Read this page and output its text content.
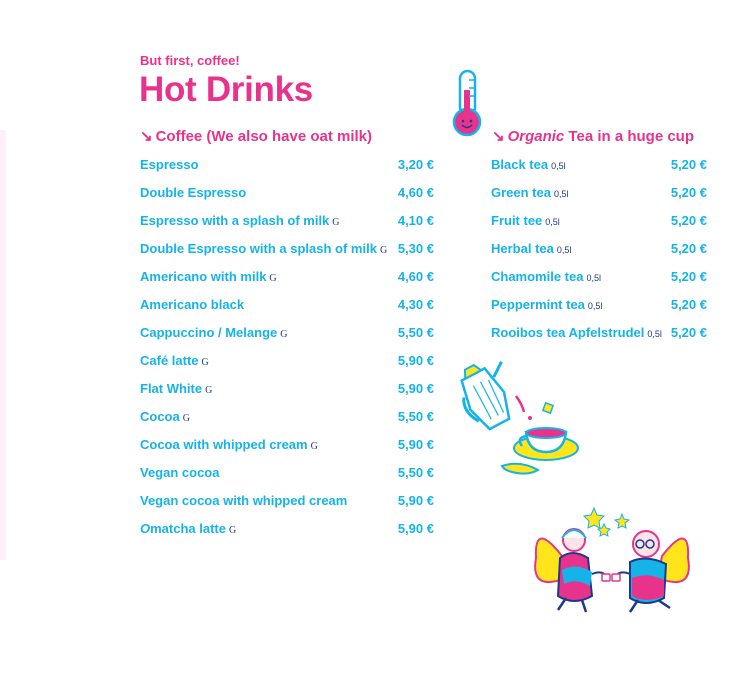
But first, coffee!
Hot Drinks
↘ Coffee (We also have oat milk)
Espresso	3,20 €
Double Espresso	4,60 €
Espresso with a splash of milk G	4,10 €
Double Espresso with a splash of milk G 5,30 €
Americano with milk G	4,60 €
Americano black	4,30 €
Cappuccino / Melange G	5,50 €
Café latte G	5,90 €
Flat White G	5,90 €
Cocoa G	5,50 €
Cocoa with whipped cream G	5,90 €
Vegan cocoa	5,50 €
Vegan cocoa with whipped cream	5,90 €
Omatcha latte G	5,90 €
↘ Organic Tea in a huge cup
Black tea 0,5l	5,20 €
Green tea 0,5l	5,20 €
Fruit tee 0,5l	5,20 €
Herbal tea 0,5l	5,20 €
Chamomile tea 0,5l	5,20 €
Peppermint tea 0,5l	5,20 €
Rooibos tea Apfelstrudel 0,5l 5,20 €
